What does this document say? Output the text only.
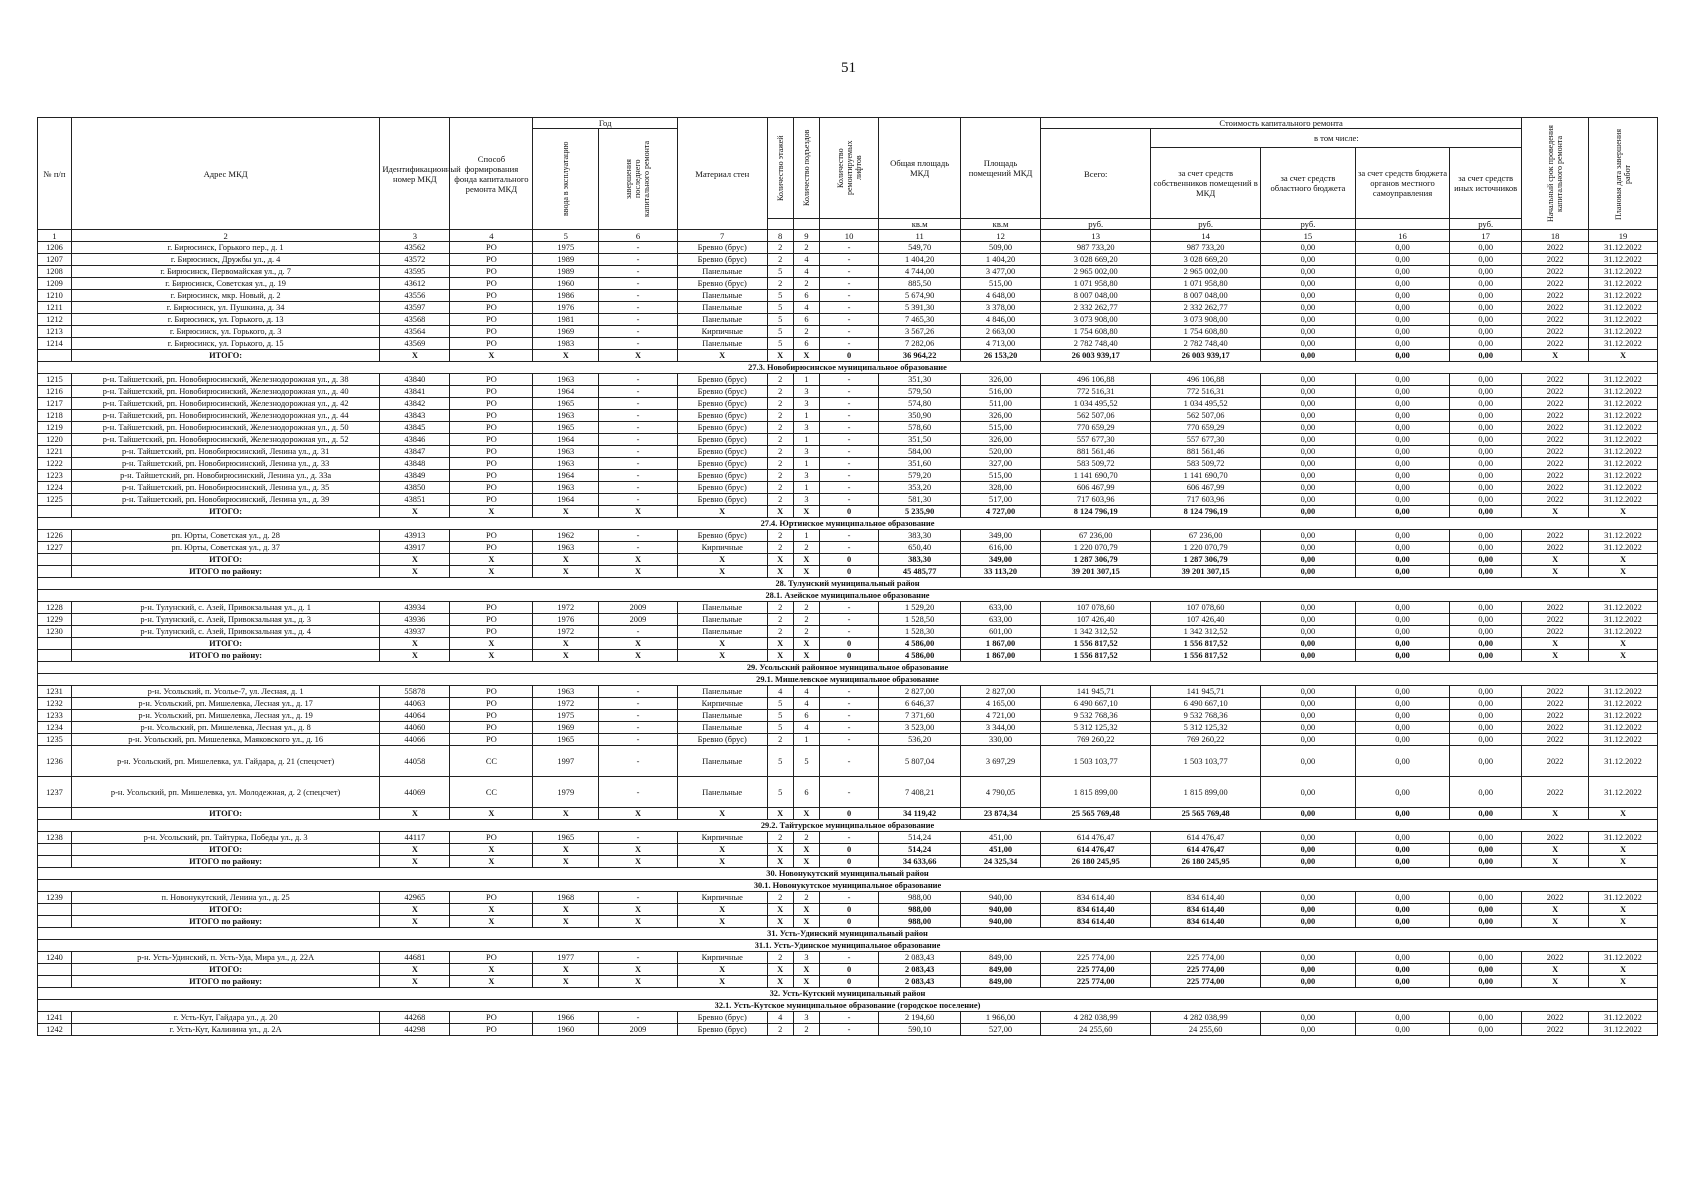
51
№ п/п	Адрес МКД	Идентификационный номер МКД	Способ формирования фонда капитального ремонта МКД	Год		Материал стен	Количество этажей	Количество подъездов	Количество ремонтируемых лифтов	Общая площадь МКД	Площадь помещений МКД	Стоимость капитального ремонта					Начальный срок проведения капитального ремонта	Плановая дата завершения работ

				ввода в эксплуатацию	завершения последнего капитального ремонта							Всего:	в том числе:					
													за счет средств собственников помещений в МКД	за счет средств областного бюджета	за счет средств бюджета органов местного самоуправления	за счет средств иных источников		
										кв.м	кв.м	руб.	руб.	руб.		руб.		
1	2	3	4	5	6	7	8	9	10	11	12	13	14	15	16	17	18	19
1206	г. Бирюсинск, Горького пер., д. 1	43562	РО	1975	-	Бревно (брус)	2	2	-	549,70	509,00	987 733,20	987 733,20	0,00	0,00	0,00	2022	31.12.2022
1207	г. Бирюсинск, Дружбы ул., д. 4	43572	РО	1989	-	Бревно (брус)	2	4	-	1 404,20	1 404,20	3 028 669,20	3 028 669,20	0,00	0,00	0,00	2022	31.12.2022
1208	г. Бирюсинск, Первомайская ул., д. 7	43595	РО	1989	-	Панельные	5	4	-	4 744,00	3 477,00	2 965 002,00	2 965 002,00	0,00	0,00	0,00	2022	31.12.2022
1209	г. Бирюсинск, Советская ул., д. 19	43612	РО	1960	-	Бревно (брус)	2	2	-	885,50	515,00	1 071 958,80	1 071 958,80	0,00	0,00	0,00	2022	31.12.2022
1210	г. Бирюсинск, мкр. Новый, д. 2	43556	РО	1986	-	Панельные	5	6	-	5 674,90	4 648,00	8 007 048,00	8 007 048,00	0,00	0,00	0,00	2022	31.12.2022
1211	г. Бирюсинск, ул. Пушкина, д. 34	43597	РО	1976	-	Панельные	5	4	-	5 391,30	3 378,00	2 332 262,77	2 332 262,77	0,00	0,00	0,00	2022	31.12.2022
1212	г. Бирюсинск, ул. Горького, д. 13	43568	РО	1981	-	Панельные	5	6	-	7 465,30	4 846,00	3 073 908,00	3 073 908,00	0,00	0,00	0,00	2022	31.12.2022
1213	г. Бирюсинск, ул. Горького, д. 3	43564	РО	1969	-	Кирпичные	5	2	-	3 567,26	2 663,00	1 754 608,80	1 754 608,80	0,00	0,00	0,00	2022	31.12.2022
1214	г. Бирюсинск, ул. Горького, д. 15	43569	РО	1983	-	Панельные	5	6	-	7 282,06	4 713,00	2 782 748,40	2 782 748,40	0,00	0,00	0,00	2022	31.12.2022
	ИТОГО:	X	X	X	X	X	X	X	0	36 964,22	26 153,20	26 003 939,17	26 003 939,17	0,00	0,00	0,00	X	X
27.3. Новобирюсинское муниципальное образование																		
1215	р-н. Тайшетский, рп. Новобирюсинский, Железнодорожная ул., д. 38	43840	РО	1963	-	Бревно (брус)	2	1	-	351,30	326,00	496 106,88	496 106,88	0,00	0,00	0,00	2022	31.12.2022
1216	р-н. Тайшетский, рп. Новобирюсинский, Железнодорожная ул., д. 40	43841	РО	1964	-	Бревно (брус)	2	3	-	579,50	516,00	772 516,31	772 516,31	0,00	0,00	0,00	2022	31.12.2022
1217	р-н. Тайшетский, рп. Новобирюсинский, Железнодорожная ул., д. 42	43842	РО	1965	-	Бревно (брус)	2	3	-	574,80	511,00	1 034 495,52	1 034 495,52	0,00	0,00	0,00	2022	31.12.2022
1218	р-н. Тайшетский, рп. Новобирюсинский, Железнодорожная ул., д. 44	43843	РО	1963	-	Бревно (брус)	2	1	-	350,90	326,00	562 507,06	562 507,06	0,00	0,00	0,00	2022	31.12.2022
1219	р-н. Тайшетский, рп. Новобирюсинский, Железнодорожная ул., д. 50	43845	РО	1965	-	Бревно (брус)	2	3	-	578,60	515,00	770 659,29	770 659,29	0,00	0,00	0,00	2022	31.12.2022
1220	р-н. Тайшетский, рп. Новобирюсинский, Железнодорожная ул., д. 52	43846	РО	1964	-	Бревно (брус)	2	1	-	351,50	326,00	557 677,30	557 677,30	0,00	0,00	0,00	2022	31.12.2022
1221	р-н. Тайшетский, рп. Новобирюсинский, Ленина ул., д. 31	43847	РО	1963	-	Бревно (брус)	2	3	-	584,00	520,00	881 561,46	881 561,46	0,00	0,00	0,00	2022	31.12.2022
1222	р-н. Тайшетский, рп. Новобирюсинский, Ленина ул., д. 33	43848	РО	1963	-	Бревно (брус)	2	1	-	351,60	327,00	583 509,72	583 509,72	0,00	0,00	0,00	2022	31.12.2022
1223	р-н. Тайшетский, рп. Новобирюсинский, Ленина ул., д. 33а	43849	РО	1964	-	Бревно (брус)	2	3	-	579,20	515,00	1 141 690,70	1 141 690,70	0,00	0,00	0,00	2022	31.12.2022
1224	р-н. Тайшетский, рп. Новобирюсинский, Ленина ул., д. 35	43850	РО	1963	-	Бревно (брус)	2	1	-	353,20	328,00	606 467,99	606 467,99	0,00	0,00	0,00	2022	31.12.2022
1225	р-н. Тайшетский, рп. Новобирюсинский, Ленина ул., д. 39	43851	РО	1964	-	Бревно (брус)	2	3	-	581,30	517,00	717 603,96	717 603,96	0,00	0,00	0,00	2022	31.12.2022
	ИТОГО:	X	X	X	X	X	X	X	0	5 235,90	4 727,00	8 124 796,19	8 124 796,19	0,00	0,00	0,00	X	X
27.4. Юртинское муниципальное образование																		
1226	рп. Юрты, Советская ул., д. 28	43913	РО	1962	-	Бревно (брус)	2	1	-	383,30	349,00	67 236,00	67 236,00	0,00	0,00	0,00	2022	31.12.2022
1227	рп. Юрты, Советская ул., д. 37	43917	РО	1963	-	Кирпичные	2	2	-	650,40	616,00	1 220 070,79	1 220 070,79	0,00	0,00	0,00	2022	31.12.2022
	ИТОГО:	X	X	X	X	X	X	X	0	383,30	349,00	1 287 306,79	1 287 306,79	0,00	0,00	0,00	X	X
	ИТОГО по району:	X	X	X	X	X	X	X	0	45 485,77	33 113,20	39 201 307,15	39 201 307,15	0,00	0,00	0,00	X	X
28. Тулунский муниципальный район																		
28.1. Азейское муниципальное образование																		
1228	р-н. Тулунский, с. Азей, Привокзальная ул., д. 1	43934	РО	1972	2009	Панельные	2	2	-	1 529,20	633,00	107 078,60	107 078,60	0,00	0,00	0,00	2022	31.12.2022
1229	р-н. Тулунский, с. Азей, Привокзальная ул., д. 3	43936	РО	1976	2009	Панельные	2	2	-	1 528,50	633,00	107 426,40	107 426,40	0,00	0,00	0,00	2022	31.12.2022
1230	р-н. Тулунский, с. Азей, Привокзальная ул., д. 4	43937	РО	1972	-	Панельные	2	2	-	1 528,30	601,00	1 342 312,52	1 342 312,52	0,00	0,00	0,00	2022	31.12.2022
	ИТОГО:	X	X	X	X	X	X	X	0	4 586,00	1 867,00	1 556 817,52	1 556 817,52	0,00	0,00	0,00	X	X
	ИТОГО по району:	X	X	X	X	X	X	X	0	4 586,00	1 867,00	1 556 817,52	1 556 817,52	0,00	0,00	0,00	X	X
29. Усольский районное муниципальное образование																		
29.1. Мишелевское муниципальное образование																		
1231	р-н. Усольский, п. Усолье-7, ул. Лесная, д. 1	55878	РО	1963	-	Панельные	4	4	-	2 827,00	2 827,00	141 945,71	141 945,71	0,00	0,00	0,00	2022	31.12.2022
1232	р-н. Усольский, рп. Мишелевка, Лесная ул., д. 17	44063	РО	1972	-	Кирпичные	5	4	-	6 646,37	4 165,00	6 490 667,10	6 490 667,10	0,00	0,00	0,00	2022	31.12.2022
1233	р-н. Усольский, рп. Мишелевка, Лесная ул., д. 19	44064	РО	1975	-	Панельные	5	6	-	7 371,60	4 721,00	9 532 768,36	9 532 768,36	0,00	0,00	0,00	2022	31.12.2022
1234	р-н. Усольский, рп. Мишелевка, Лесная ул., д. 8	44060	РО	1969	-	Панельные	5	4	-	3 523,00	3 344,00	5 312 125,32	5 312 125,32	0,00	0,00	0,00	2022	31.12.2022
1235	р-н. Усольский, рп. Мишелевка, Маяковского ул., д. 16	44066	РО	1965	-	Бревно (брус)	2	1	-	536,20	330,00	769 260,22	769 260,22	0,00	0,00	0,00	2022	31.12.2022
1236	р-н. Усольский, рп. Мишелевка, ул. Гайдара, д. 21 (спецсчет)	44058	СС	1997	-	Панельные	5	5	-	5 807,04	3 697,29	1 503 103,77	1 503 103,77	0,00	0,00	0,00	2022	31.12.2022
1237	р-н. Усольский, рп. Мишелевка, ул. Молодежная, д. 2 (спецсчет)	44069	СС	1979	-	Панельные	5	6	-	7 408,21	4 790,05	1 815 899,00	1 815 899,00	0,00	0,00	0,00	2022	31.12.2022
	ИТОГО:	X	X	X	X	X	X	X	0	34 119,42	23 874,34	25 565 769,48	25 565 769,48	0,00	0,00	0,00	X	X
29.2. Тайтурское муниципальное образование																		
1238	р-н. Усольский, рп. Тайтурка, Победы ул., д. 3	44117	РО	1965	-	Кирпичные	2	2	-	514,24	451,00	614 476,47	614 476,47	0,00	0,00	0,00	2022	31.12.2022
	ИТОГО:	X	X	X	X	X	X	X	0	514,24	451,00	614 476,47	614 476,47	0,00	0,00	0,00	X	X
	ИТОГО по району:	X	X	X	X	X	X	X	0	34 633,66	24 325,34	26 180 245,95	26 180 245,95	0,00	0,00	0,00	X	X
30. Новонукутский муниципальный район																		
30.1. Новонукутское муниципальное образование																		
1239	п. Новонукутский, Ленина ул., д. 25	42965	РО	1968	-	Кирпичные	2	2	-	988,00	940,00	834 614,40	834 614,40	0,00	0,00	0,00	2022	31.12.2022
	ИТОГО:	X	X	X	X	X	X	X	0	988,00	940,00	834 614,40	834 614,40	0,00	0,00	0,00	X	X
	ИТОГО по району:	X	X	X	X	X	X	X	0	988,00	940,00	834 614,40	834 614,40	0,00	0,00	0,00	X	X
31. Усть-Удинский муниципальный район																		
31.1. Усть-Удинское муниципальное образование																		
1240	р-н. Усть-Удинский, п. Усть-Уда, Мира ул., д. 22А	44681	РО	1977	-	Кирпичные	2	3	-	2 083,43	849,00	225 774,00	225 774,00	0,00	0,00	0,00	2022	31.12.2022
	ИТОГО:	X	X	X	X	X	X	X	0	2 083,43	849,00	225 774,00	225 774,00	0,00	0,00	0,00	X	X
	ИТОГО по району:	X	X	X	X	X	X	X	0	2 083,43	849,00	225 774,00	225 774,00	0,00	0,00	0,00	X	X
32. Усть-Кутский муниципальный район																		
32.1. Усть-Кутское муниципальное образование (городское поселение)																		
1241	г. Усть-Кут, Гайдара ул., д. 20	44268	РО	1966	-	Бревно (брус)	4	3	-	2 194,60	1 966,00	4 282 038,99	4 282 038,99	0,00	0,00	0,00	2022	31.12.2022
1242	г. Усть-Кут, Калинина ул., д. 2А	44298	РО	1960	2009	Бревно (брус)	2	2	-	590,10	527,00	24 255,60	24 255,60	0,00	0,00	0,00	2022	31.12.2022
